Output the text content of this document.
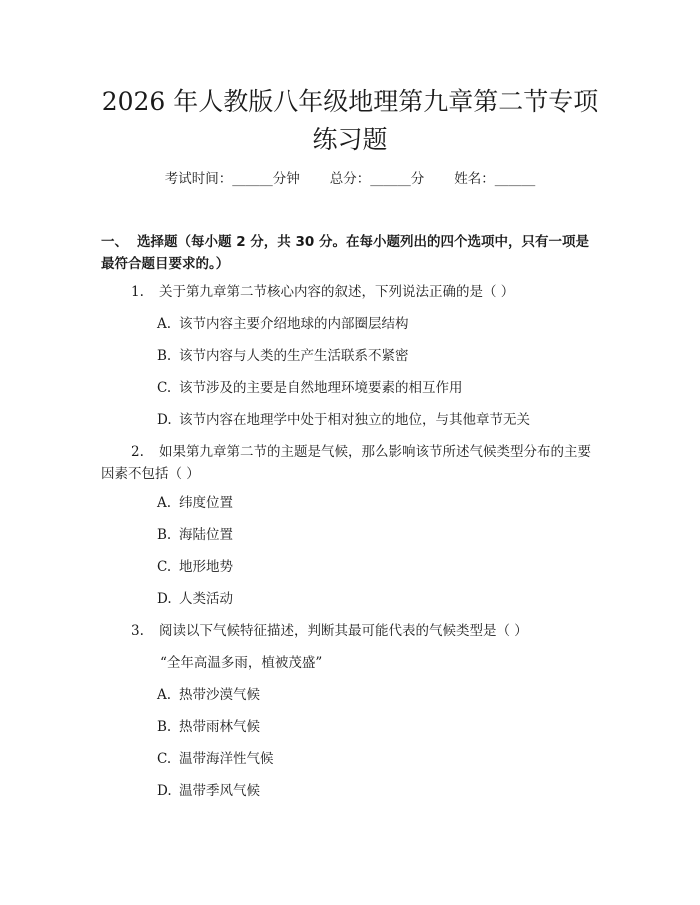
2026 年人教版八年级地理第九章第二节专项
练习题
考试时间：______分钟 总分：______分 姓名：______
一、 选择题（每小题 2 分，共 30 分。在每小题列出的四个选项中，只有一项是
最符合题目要求的。）
1. 关于第九章第二节核心内容的叙述，下列说法正确的是（ ）
A. 该节内容主要介绍地球的内部圈层结构
B. 该节内容与人类的生产生活联系不紧密
C. 该节涉及的主要是自然地理环境要素的相互作用
D. 该节内容在地理学中处于相对独立的地位，与其他章节无关
2. 如果第九章第二节的主题是气候，那么影响该节所述气候类型分布的主要
因素不包括（ ）
A. 纬度位置
B. 海陆位置
C. 地形地势
D. 人类活动
3. 阅读以下气候特征描述，判断其最可能代表的气候类型是（ ）
“全年高温多雨，植被茂盛”
A. 热带沙漠气候
B. 热带雨林气候
C. 温带海洋性气候
D. 温带季风气候
